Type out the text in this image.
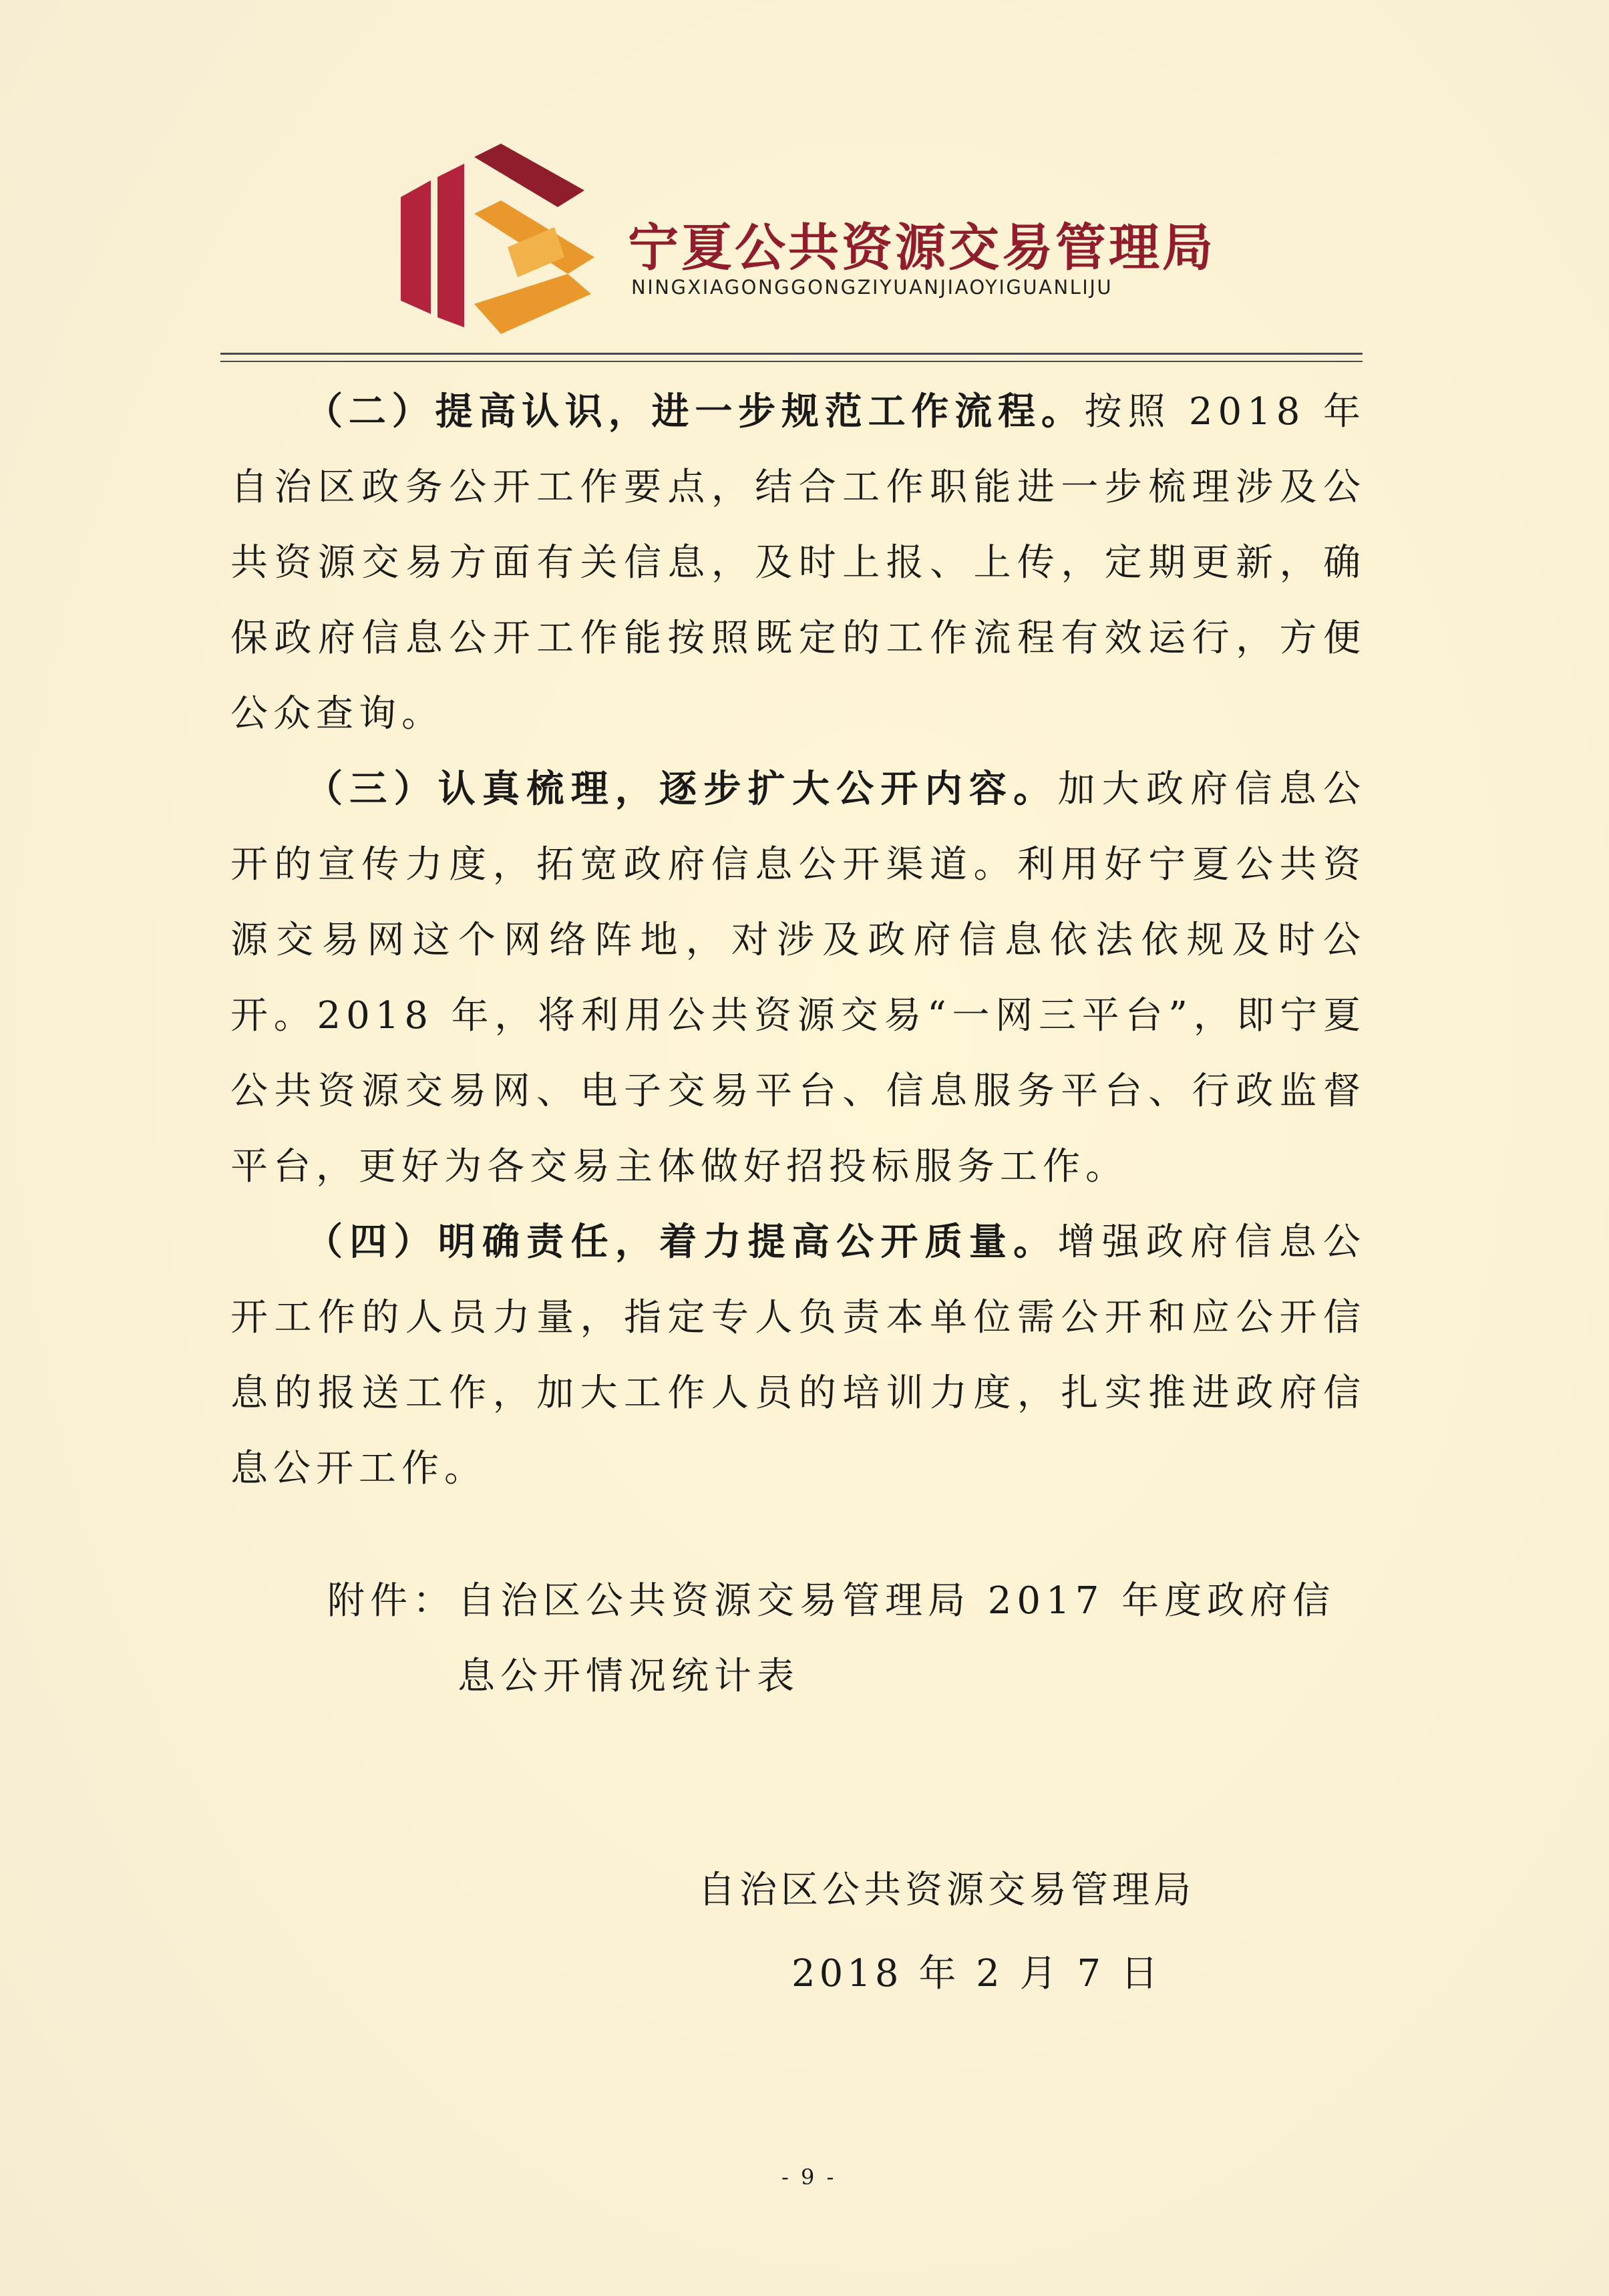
宁夏公共资源交易管理局
NINGXIAGONGGONGZIYUANJIAOYIGUANLIJU

（二）提高认识，进一步规范工作流程。按照 2018 年自治区政务公开工作要点，结合工作职能进一步梳理涉及公共资源交易方面有关信息，及时上报、上传，定期更新，确保政府信息公开工作能按照既定的工作流程有效运行，方便公众查询。

（三）认真梳理，逐步扩大公开内容。加大政府信息公开的宣传力度，拓宽政府信息公开渠道。利用好宁夏公共资源交易网这个网络阵地，对涉及政府信息依法依规及时公开。2018 年，将利用公共资源交易“一网三平台”，即宁夏公共资源交易网、电子交易平台、信息服务平台、行政监督平台，更好为各交易主体做好招投标服务工作。

（四）明确责任，着力提高公开质量。增强政府信息公开工作的人员力量，指定专人负责本单位需公开和应公开信息的报送工作，加大工作人员的培训力度，扎实推进政府信息公开工作。

附件： 自治区公共资源交易管理局 2017 年度政府信息公开情况统计表
自治区公共资源交易管理局
2018 年 2 月 7 日
- 9 -
